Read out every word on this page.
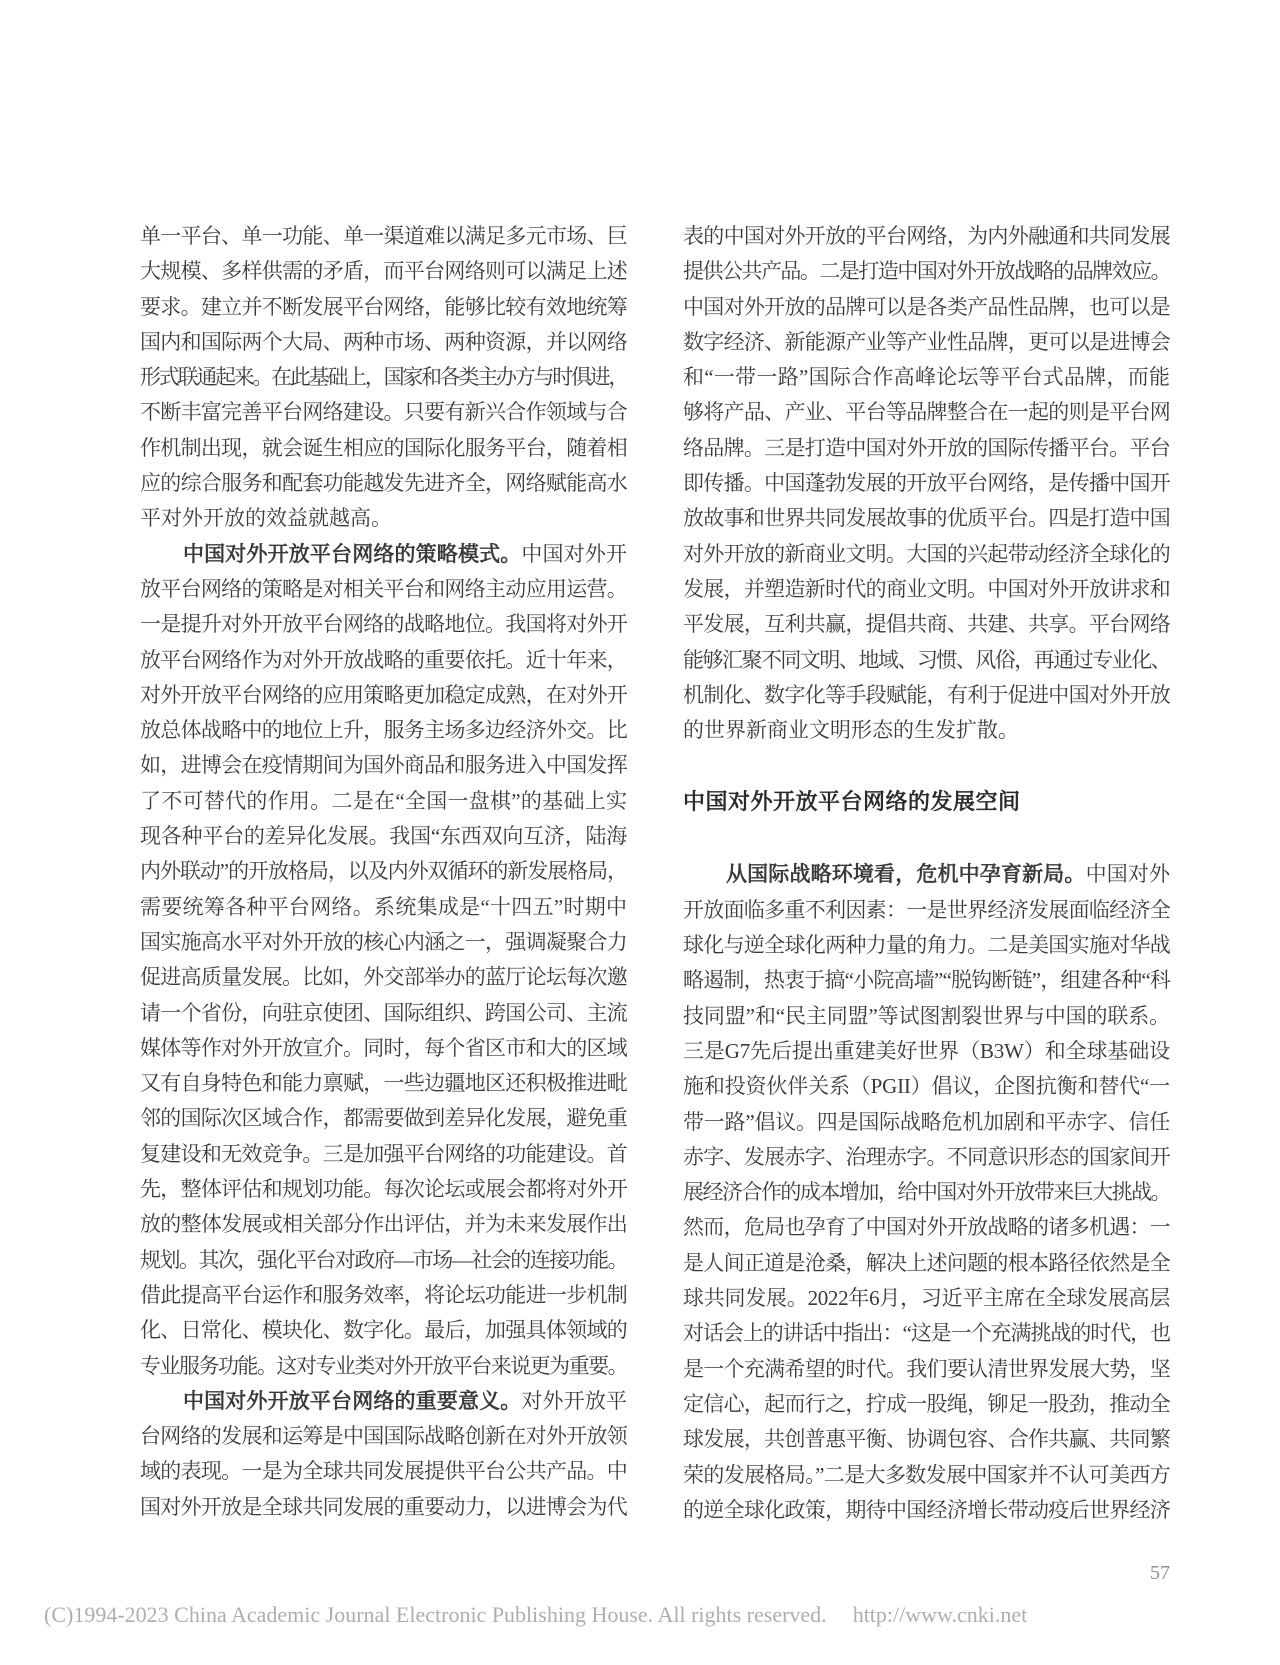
单一平台、单一功能、单一渠道难以满足多元市场、巨
大规模、多样供需的矛盾，而平台网络则可以满足上述
要求。建立并不断发展平台网络，能够比较有效地统筹
国内和国际两个大局、两种市场、两种资源，并以网络
形式联通起来。在此基础上，国家和各类主办方与时俱进，
不断丰富完善平台网络建设。只要有新兴合作领域与合
作机制出现，就会诞生相应的国际化服务平台，随着相
应的综合服务和配套功能越发先进齐全，网络赋能高水
平对外开放的效益就越高。
中国对外开放平台网络的策略模式。中国对外开
放平台网络的策略是对相关平台和网络主动应用运营。
一是提升对外开放平台网络的战略地位。我国将对外开
放平台网络作为对外开放战略的重要依托。近十年来，
对外开放平台网络的应用策略更加稳定成熟，在对外开
放总体战略中的地位上升，服务主场多边经济外交。比
如，进博会在疫情期间为国外商品和服务进入中国发挥
了不可替代的作用。二是在“全国一盘棋”的基础上实
现各种平台的差异化发展。我国“东西双向互济，陆海
内外联动”的开放格局，以及内外双循环的新发展格局，
需要统筹各种平台网络。系统集成是“十四五”时期中
国实施高水平对外开放的核心内涵之一，强调凝聚合力
促进高质量发展。比如，外交部举办的蓝厅论坛每次邀
请一个省份，向驻京使团、国际组织、跨国公司、主流
媒体等作对外开放宣介。同时，每个省区市和大的区域
又有自身特色和能力禀赋，一些边疆地区还积极推进毗
邻的国际次区域合作，都需要做到差异化发展，避免重
复建设和无效竞争。三是加强平台网络的功能建设。首
先，整体评估和规划功能。每次论坛或展会都将对外开
放的整体发展或相关部分作出评估，并为未来发展作出
规划。其次，强化平台对政府—市场—社会的连接功能。
借此提高平台运作和服务效率，将论坛功能进一步机制
化、日常化、模块化、数字化。最后，加强具体领域的
专业服务功能。这对专业类对外开放平台来说更为重要。
中国对外开放平台网络的重要意义。对外开放平
台网络的发展和运筹是中国国际战略创新在对外开放领
域的表现。一是为全球共同发展提供平台公共产品。中
国对外开放是全球共同发展的重要动力，以进博会为代
表的中国对外开放的平台网络，为内外融通和共同发展
提供公共产品。二是打造中国对外开放战略的品牌效应。
中国对外开放的品牌可以是各类产品性品牌，也可以是
数字经济、新能源产业等产业性品牌，更可以是进博会
和“一带一路”国际合作高峰论坛等平台式品牌，而能
够将产品、产业、平台等品牌整合在一起的则是平台网
络品牌。三是打造中国对外开放的国际传播平台。平台
即传播。中国蓬勃发展的开放平台网络，是传播中国开
放故事和世界共同发展故事的优质平台。四是打造中国
对外开放的新商业文明。大国的兴起带动经济全球化的
发展，并塑造新时代的商业文明。中国对外开放讲求和
平发展，互利共赢，提倡共商、共建、共享。平台网络
能够汇聚不同文明、地域、习惯、风俗，再通过专业化、
机制化、数字化等手段赋能，有利于促进中国对外开放
的世界新商业文明形态的生发扩散。
中国对外开放平台网络的发展空间
从国际战略环境看，危机中孕育新局。中国对外
开放面临多重不利因素：一是世界经济发展面临经济全
球化与逆全球化两种力量的角力。二是美国实施对华战
略遏制，热衷于搞“小院高墙”“脱钩断链”，组建各种“科
技同盟”和“民主同盟”等试图割裂世界与中国的联系。
三是G7先后提出重建美好世界（B3W）和全球基础设
施和投资伙伴关系（PGII）倡议，企图抗衡和替代“一
带一路”倡议。四是国际战略危机加剧和平赤字、信任
赤字、发展赤字、治理赤字。不同意识形态的国家间开
展经济合作的成本增加，给中国对外开放带来巨大挑战。
然而，危局也孕育了中国对外开放战略的诸多机遇：一
是人间正道是沧桑，解决上述问题的根本路径依然是全
球共同发展。2022年6月，习近平主席在全球发展高层
对话会上的讲话中指出：“这是一个充满挑战的时代，也
是一个充满希望的时代。我们要认清世界发展大势，坚
定信心，起而行之，拧成一股绳，铆足一股劲，推动全
球发展，共创普惠平衡、协调包容、合作共赢、共同繁
荣的发展格局。”二是大多数发展中国家并不认可美西方
的逆全球化政策，期待中国经济增长带动疫后世界经济
57
(C)1994-2023 China Academic Journal Electronic Publishing House. All rights reserved. http://www.cnki.net
